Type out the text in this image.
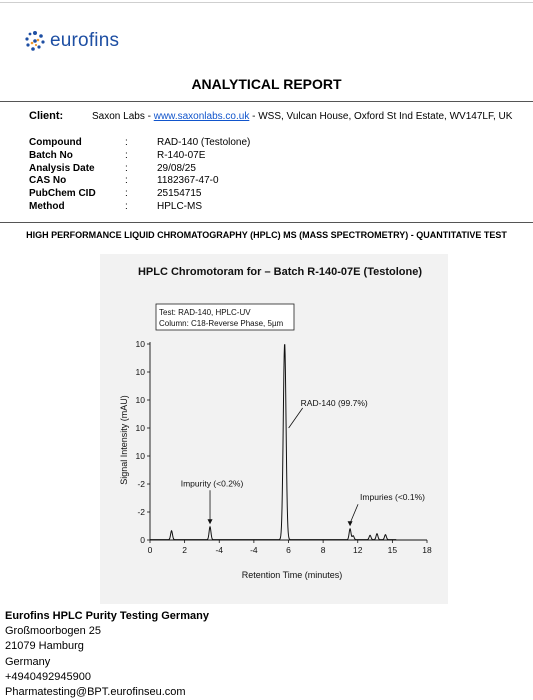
eurofins
ANALYTICAL REPORT
Client:	Saxon Labs - www.saxonlabs.co.uk - WSS, Vulcan House, Oxford St Ind Estate, WV147LF, UK
Compound	:	RAD-140 (Testolone)
Batch No	:	R-140-07E
Analysis Date	:	29/08/25
CAS No	:	1182367-47-0
PubChem CID	:	25154715
Method	:	HPLC-MS
HIGH PERFORMANCE LIQUID CHROMATOGRAPHY (HPLC) MS (MASS SPECTROMETRY) - QUANTITATIVE TEST
HPLC Chromotoram for – Batch R-140-07E (Testolone)
Test: RAD-140, HPLC-UV
Column: C18-Reverse Phase, 5µm
Signal Intensity (mAU)
Retention Time (minutes)
0	2	-4	-4	6	8	12	15	18
0
-2
-2
10
10
10
10
10
Impurity (<0.2%)
RAD-140 (99.7%)
Impuries (<0.1%)
Eurofins HPLC Purity Testing Germany
Großmoorbogen 25
21079 Hamburg
Germany
+4940492945900
Pharmatesting@BPT.eurofinseu.com
